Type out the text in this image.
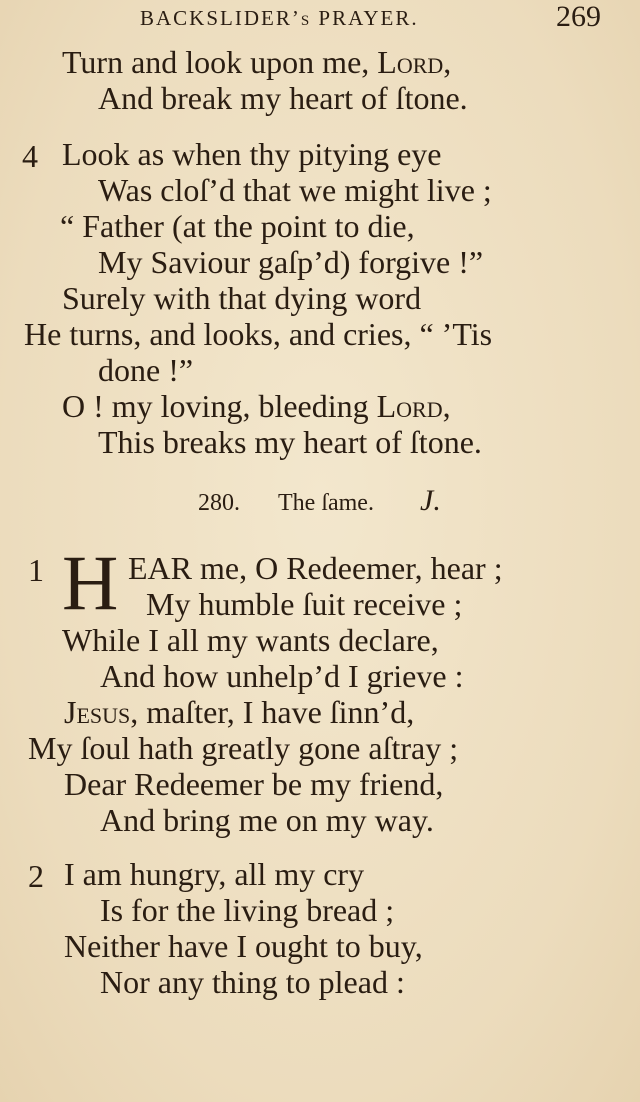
BACKSLIDER’s PRAYER.	269
Turn and look upon me, Lord,
And break my heart of ſtone.
4 Look as when thy pitying eye
Was cloſ’d that we might live ;
“ Father (at the point to die,
My Saviour gaſp’d) forgive !”
Surely with that dying word
He turns, and looks, and cries, “ ’Tis
done !”
O ! my loving, bleeding Lord,
This breaks my heart of ſtone.
280. The ſame. J.
1 H EAR me, O Redeemer, hear ;
My humble ſuit receive ;
While I all my wants declare,
And how unhelp’d I grieve :
Jesus, maſter, I have ſinn’d,
My ſoul hath greatly gone aſtray ;
Dear Redeemer be my friend,
And bring me on my way.
2 I am hungry, all my cry
Is for the living bread ;
Neither have I ought to buy,
Nor any thing to plead :
